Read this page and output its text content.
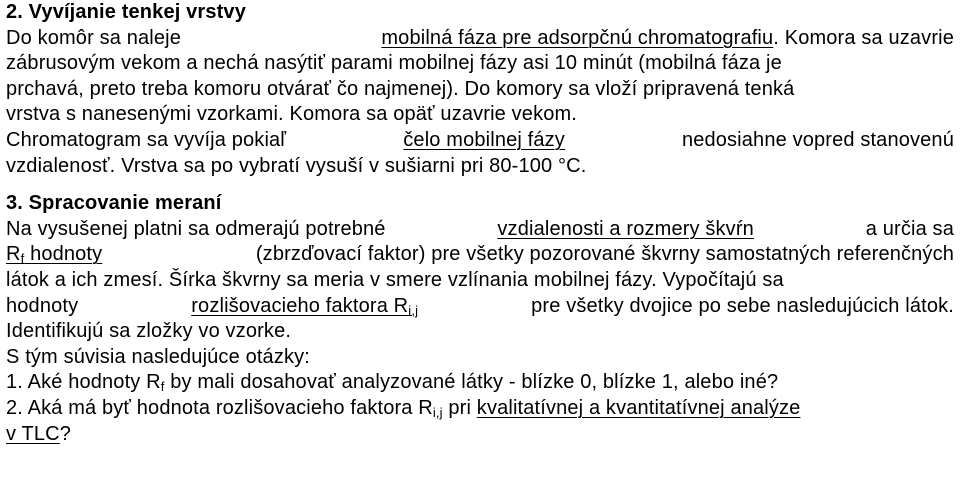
2. Vyvíjanie tenkej vrstvy
Do komôr sa naleje	mobilná fáza pre adsorpčnú chromatografiu. Komora sa uzavrie
zábrusovým vekom a nechá nasýtiť parami mobilnej fázy asi 10 minút (mobilná fáza je
prchavá, preto treba komoru otvárať čo najmenej). Do komory sa vloží pripravená tenká
vrstva s nanesenými vzorkami. Komora sa opäť uzavrie vekom.
Chromatogram sa vyvíja pokiaľ	čelo mobilnej fázy	nedosiahne vopred stanovenú
vzdialenosť. Vrstva sa po vybratí vysuší v sušiarni pri 80-100 °C.
3. Spracovanie meraní
Na vysušenej platni sa odmerajú potrebné	vzdialenosti a rozmery škvŕn	a určia sa
$R_f$ hodnoty	(zbrzďovací faktor) pre všetky pozorované škvrny samostatných referenčných
látok a ich zmesí. Šírka škvrny sa meria v smere vzlínania mobilnej fázy. Vypočítajú sa
hodnoty	rozlišovacieho faktora $R_{i,j}$	pre všetky dvojice po sebe nasledujúcich látok.
Identifikujú sa zložky vo vzorke.
S tým súvisia nasledujúce otázky:
1. Aké hodnoty $R_f$ by mali dosahovať analyzované látky - blízke 0, blízke 1, alebo iné?
2. Aká má byť hodnota rozlišovacieho faktora $R_{i,j}$ pri kvalitatívnej a kvantitatívnej analýze
v TLC?
